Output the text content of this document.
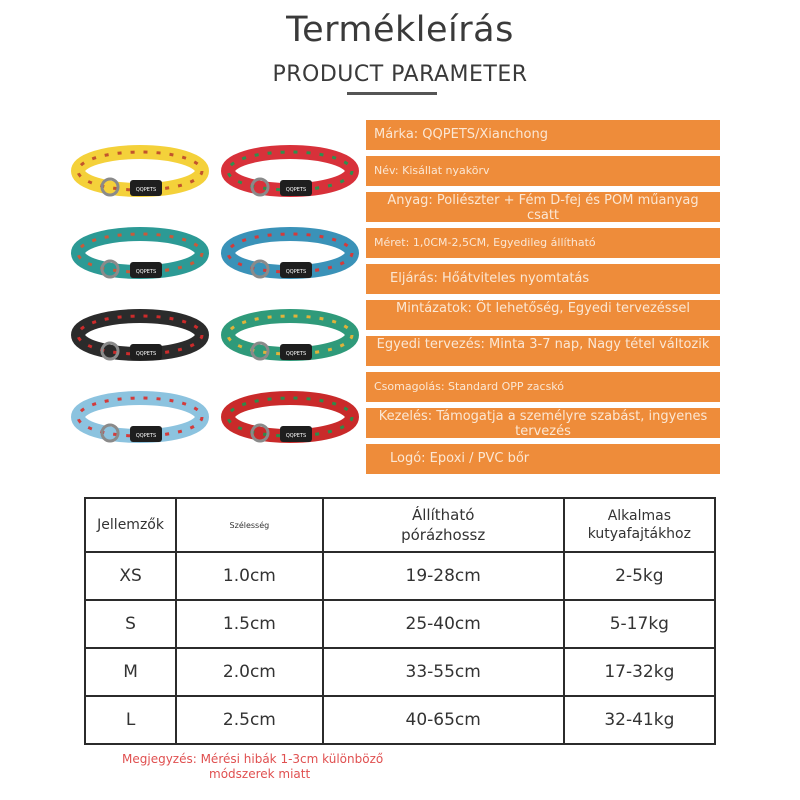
Termékleírás
PRODUCT PARAMETER
QQPETS	QQPETS
QQPETS	QQPETS
QQPETS	QQPETS
QQPETS	QQPETS
Márka: QQPETS/Xianchong
Név: Kisállat nyakörv
Anyag: Poliészter + Fém D-fej és POM műanyag csatt
Méret: 1,0CM-2,5CM, Egyedileg állítható
Eljárás: Hőátviteles nyomtatás
Mintázatok: Öt lehetőség, Egyedi tervezéssel
Egyedi tervezés: Minta 3-7 nap, Nagy tétel változik
Csomagolás: Standard OPP zacskó
Kezelés: Támogatja a személyre szabást, ingyenes tervezés
Logó: Epoxi / PVC bőr
Jellemzők	Szélesség	Állítható pórázhossz	Alkalmas kutyafajtákhoz

XS	1.0cm	19-28cm	2-5kg
S	1.5cm	25-40cm	5-17kg
M	2.0cm	33-55cm	17-32kg
L	2.5cm	40-65cm	32-41kg
Megjegyzés: Mérési hibák 1-3cm különböző
módszerek miatt
